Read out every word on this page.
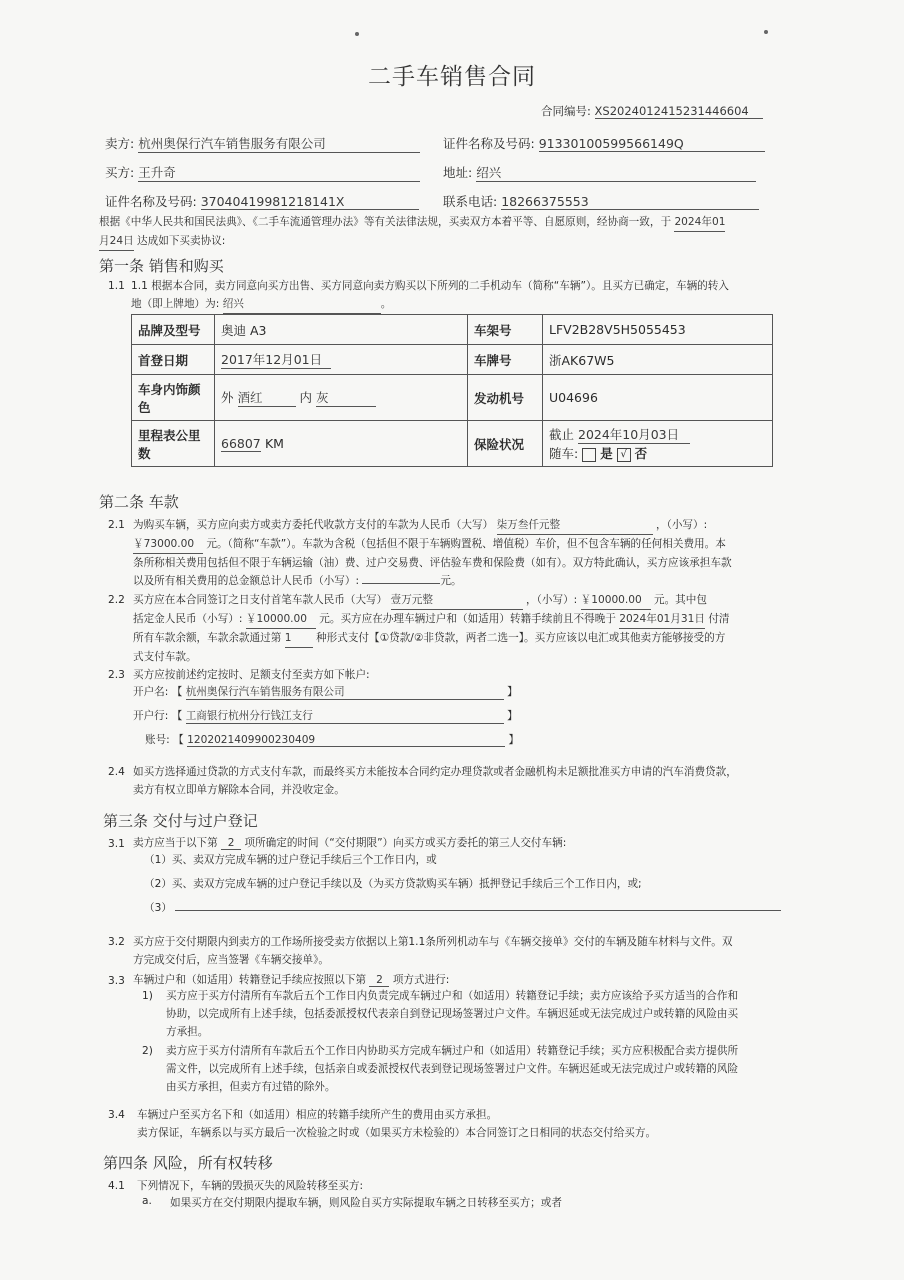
二手车销售合同
合同编号: XS20240124152314466​04
卖方: 杭州奥保行汽车销售服务有限公司	证件名称及号码: 91330100599566149Q
买方: 王升奇	地址: 绍兴
证件名称及号码: 37040419981218141X	联系电话: 18266375553
根据《中华人民共和国民法典》、《二手车流通管理办法》等有关法律法规，买卖双方本着平等、自愿原则，经协商一致，于 2024年01
月24日 达成如下买卖协议:
第一条 销售和购买
1.1 1.1 根据本合同，卖方同意向买方出售、买方同意向卖方购买以下所列的二手机动车（简称“车辆”）。且买方已确定，车辆的转入
地（即上牌地）为: 绍兴	。
品牌及型号	奥迪 A3	车架号	LFV2B28V5H5055453
首登日期	2017年12月01日	车牌号	浙AK67W5
车身内饰颜色	外 酒红 内 灰	发动机号	U04696
里程表公里数	66807 KM	保险状况	截止 2024年10月03日
随车: 是 √ 否
第二条 车款
2.1 为购买车辆，买方应向卖方或卖方委托代收款方支付的车款为人民币（大写） 柒万叁仟元整	，（小写）:
￥73000.00 元。（简称“车款”）。车款为含税（包括但不限于车辆购置税、增值税）车价，但不包含车辆的任何相关费用。本
条所称相关费用包括但不限于车辆运输（油）费、过户交易费、评估验车费和保险费（如有）。双方特此确认，买方应该承担车款
以及所有相关费用的总金额总计人民币（小写）:	元。
2.2 买方应在本合同签订之日支付首笔车款人民币（大写） 壹万元整	，（小写）: ￥10000.00 元。其中包
括定金人民币（小写）: ￥10000.00 元。买方应在办理车辆过户和（如适用）转籍手续前且不得晚于 2024年01月31日 付清
所有车款余额，车款余款通过第 1 种形式支付【①贷款/②非贷款，两者二选一】。买方应该以电汇或其他卖方能够接受的方
式支付车款。
2.3 买方应按前述约定按时、足额支付至卖方如下帐户:
开户名: 【 杭州奥保行汽车销售服务有限公司	】
开户行: 【 工商银行杭州分行钱江支行	】
账号: 【 1202021409900230409	】
2.4 如买方选择通过贷款的方式支付车款，而最终买方未能按本合同约定办理贷款或者金融机构未足额批准买方申请的汽车消费贷款，
卖方有权立即单方解除本合同，并没收定金。
第三条 交付与过户登记
3.1 卖方应当于以下第 2 项所确定的时间（“交付期限”）向买方或买方委托的第三人交付车辆:
（1）买、卖双方完成车辆的过户登记手续后三个工作日内，或
（2）买、卖双方完成车辆的过户登记手续以及（为买方贷款购买车辆）抵押登记手续后三个工作日内，或;
（3）
3.2 买方应于交付期限内到卖方的工作场所接受卖方依据以上第1.1条所列机动车与《车辆交接单》交付的车辆及随车材料与文件。双
方完成交付后，应当签署《车辆交接单》。
3.3 车辆过户和（如适用）转籍登记手续应按照以下第 2 项方式进行:
1) 买方应于买方付清所有车款后五个工作日内负责完成车辆过户和（如适用）转籍登记手续；卖方应该给予买方适当的合作和
协助，以完成所有上述手续，包括委派授权代表亲自到登记现场签署过户文件。车辆迟延或无法完成过户或转籍的风险由买
方承担。
2) 卖方应于买方付清所有车款后五个工作日内协助买方完成车辆过户和（如适用）转籍登记手续；买方应积极配合卖方提供所
需文件，以完成所有上述手续，包括亲自或委派授权代表到登记现场签署过户文件。车辆迟延或无法完成过户或转籍的风险
由买方承担，但卖方有过错的除外。
3.4 车辆过户至买方名下和（如适用）相应的转籍手续所产生的费用由买方承担。
卖方保证，车辆系以与买方最后一次检验之时或（如果买方未检验的）本合同签订之日相同的状态交付给买方。
第四条 风险，所有权转移
4.1 下列情况下，车辆的毁损灭失的风险转移至买方:
a. 如果买方在交付期限内提取车辆，则风险自买方实际提取车辆之日转移至买方；或者
